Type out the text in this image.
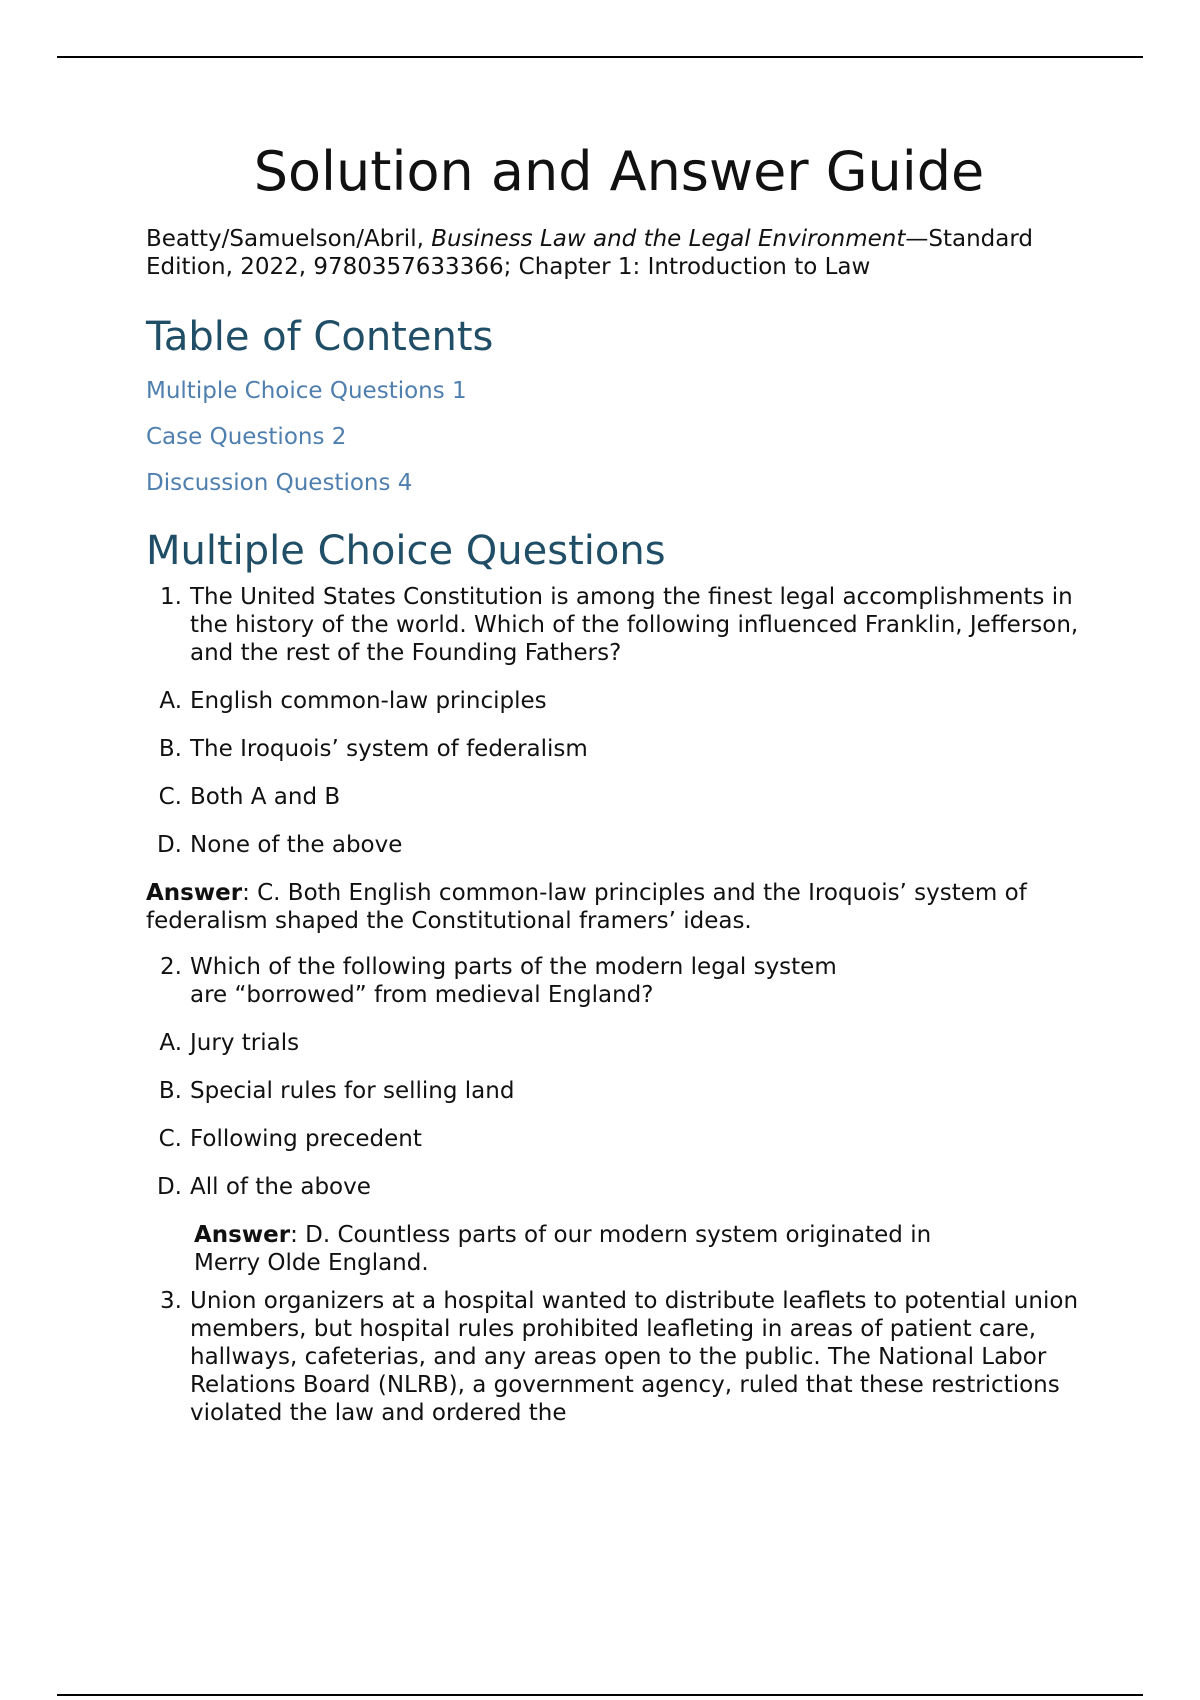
Solution and Answer Guide

Beatty/Samuelson/Abril, Business Law and the Legal Environment—Standard Edition, 2022, 9780357633366; Chapter 1: Introduction to Law

Table of Contents
Multiple Choice Questions 1
Case Questions 2
Discussion Questions 4
Multiple Choice Questions
1. The United States Constitution is among the finest legal accomplishments in the history of the world. Which of the following influenced Franklin, Jefferson, and the rest of the Founding Fathers?
A. English common-law principles
B. The Iroquois’ system of federalism
C. Both A and B
D. None of the above

Answer: C. Both English common-law principles and the Iroquois’ system of federalism shaped the Constitutional framers’ ideas.

2. Which of the following parts of the modern legal system are “borrowed” from medieval England?
A. Jury trials
B. Special rules for selling land
C. Following precedent
D. All of the above

Answer: D. Countless parts of our modern system originated in Merry Olde England.

3. Union organizers at a hospital wanted to distribute leaflets to potential union members, but hospital rules prohibited leafleting in areas of patient care, hallways, cafeterias, and any areas open to the public. The National Labor Relations Board (NLRB), a government agency, ruled that these restrictions violated the law and ordered the
